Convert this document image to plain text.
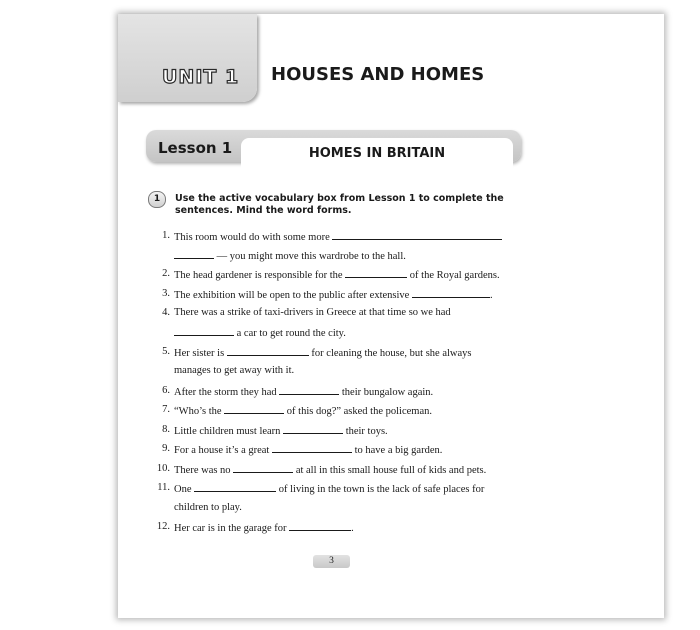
UNIT 1 HOUSES AND HOMES
Lesson 1	HOMES IN BRITAIN
1	Use the active vocabulary box from Lesson 1 to complete the sentences. Mind the word forms.
1. This room would do with some more
— you might move this wardrobe to the hall.
2. The head gardener is responsible for the	of the Royal gardens.
3. The exhibition will be open to the public after extensive	.
4. There was a strike of taxi-drivers in Greece at that time so we had
a car to get round the city.
5. Her sister is	for cleaning the house, but she always
manages to get away with it.
6. After the storm they had	their bungalow again.
7. “Who’s the	of this dog?” asked the policeman.
8. Little children must learn	their toys.
9. For a house it’s a great	to have a big garden.
10. There was no	at all in this small house full of kids and pets.
11. One	of living in the town is the lack of safe places for
children to play.
12. Her car is in the garage for	.
3
